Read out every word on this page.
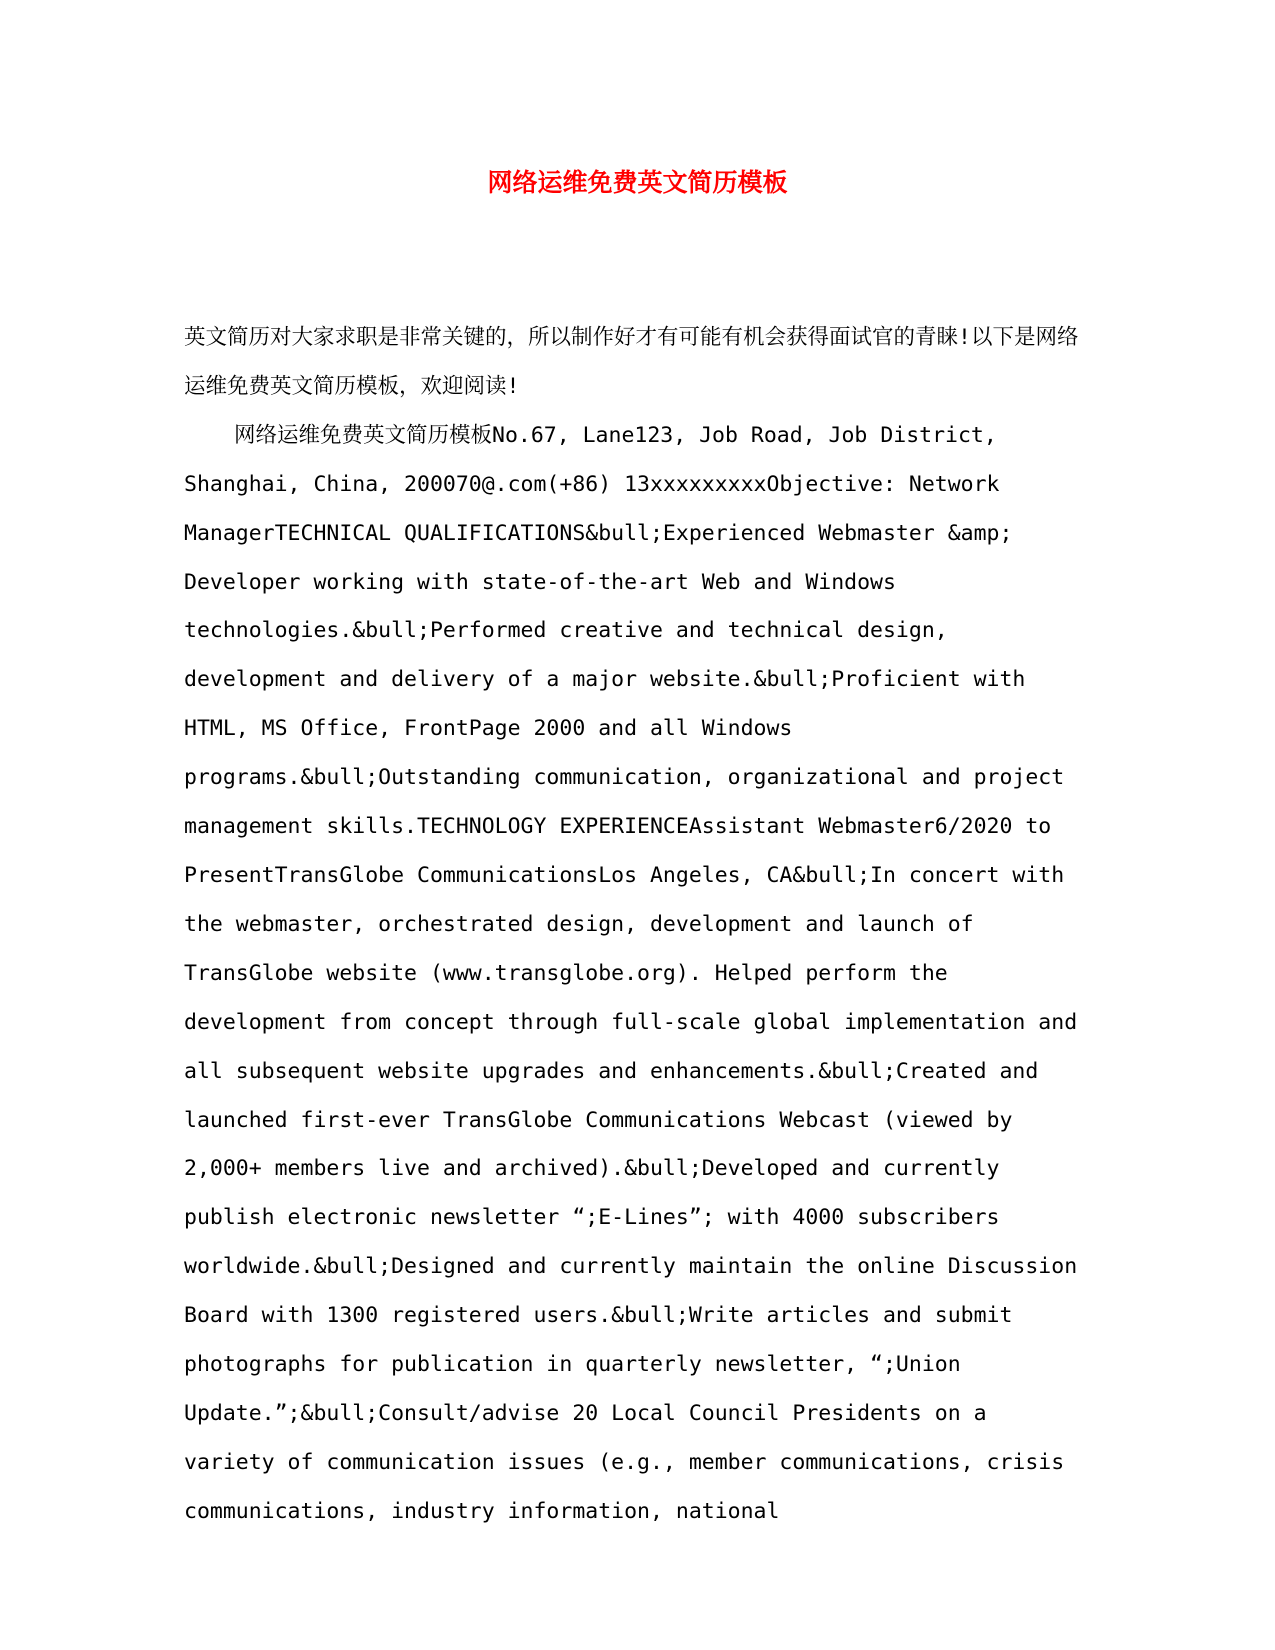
网络运维免费英文简历模板

英文简历对大家求职是非常关键的，所以制作好才有可能有机会获得面试官的青睐!以下是网络运维免费英文简历模板，欢迎阅读!

网络运维免费英文简历模板No.67, Lane123, Job Road, Job District, Shanghai, China, 200070@.com(+86) 13xxxxxxxxxObjective: Network ManagerTECHNICAL QUALIFICATIONS&bull;Experienced Webmaster &amp; Developer working with state-of-the-art Web and Windows technologies.&bull;Performed creative and technical design, development and delivery of a major website.&bull;Proficient with HTML, MS Office, FrontPage 2000 and all Windows programs.&bull;Outstanding communication, organizational and project management skills.TECHNOLOGY EXPERIENCEAssistant Webmaster6/2020 to PresentTransGlobe CommunicationsLos Angeles, CA&bull;In concert with the webmaster, orchestrated design, development and launch of TransGlobe website (www.transglobe.org). Helped perform the development from concept through full-scale global implementation and all subsequent website upgrades and enhancements.&bull;Created and launched first-ever TransGlobe Communications Webcast (viewed by 2,000+ members live and archived).&bull;Developed and currently publish electronic newsletter “;E-Lines”; with 4000 subscribers worldwide.&bull;Designed and currently maintain the online Discussion Board with 1300 registered users.&bull;Write articles and submit photographs for publication in quarterly newsletter, “;Union Update.”;&bull;Consult/advise 20 Local Council Presidents on a variety of communication issues (e.g., member communications, crisis communications, industry information, national
